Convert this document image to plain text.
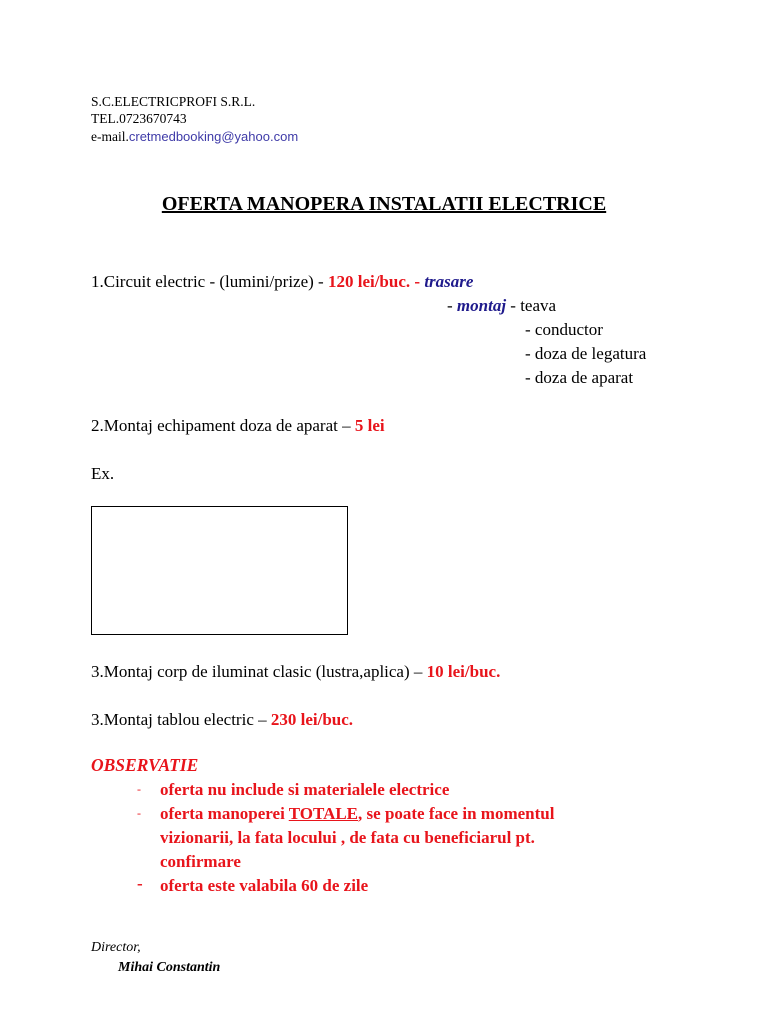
S.C.ELECTRICPROFI S.R.L.
TEL.0723670743
e-mail.cretmedbooking@yahoo.com
OFERTA MANOPERA INSTALATII ELECTRICE
1.Circuit electric - (lumini/prize) - 120 lei/buc. - trasare
- montaj - teava
- conductor
- doza de legatura
- doza de aparat
2.Montaj echipament doza de aparat – 5 lei
Ex.
3.Montaj corp de iluminat clasic (lustra,aplica) – 10 lei/buc.
3.Montaj tablou electric – 230 lei/buc.
OBSERVATIE
- oferta nu include si materialele electrice
- oferta manoperei TOTALE, se poate face in momentul
vizionarii, la fata locului , de fata cu beneficiarul pt.
confirmare
- oferta este valabila 60 de zile
Director,
Mihai Constantin
